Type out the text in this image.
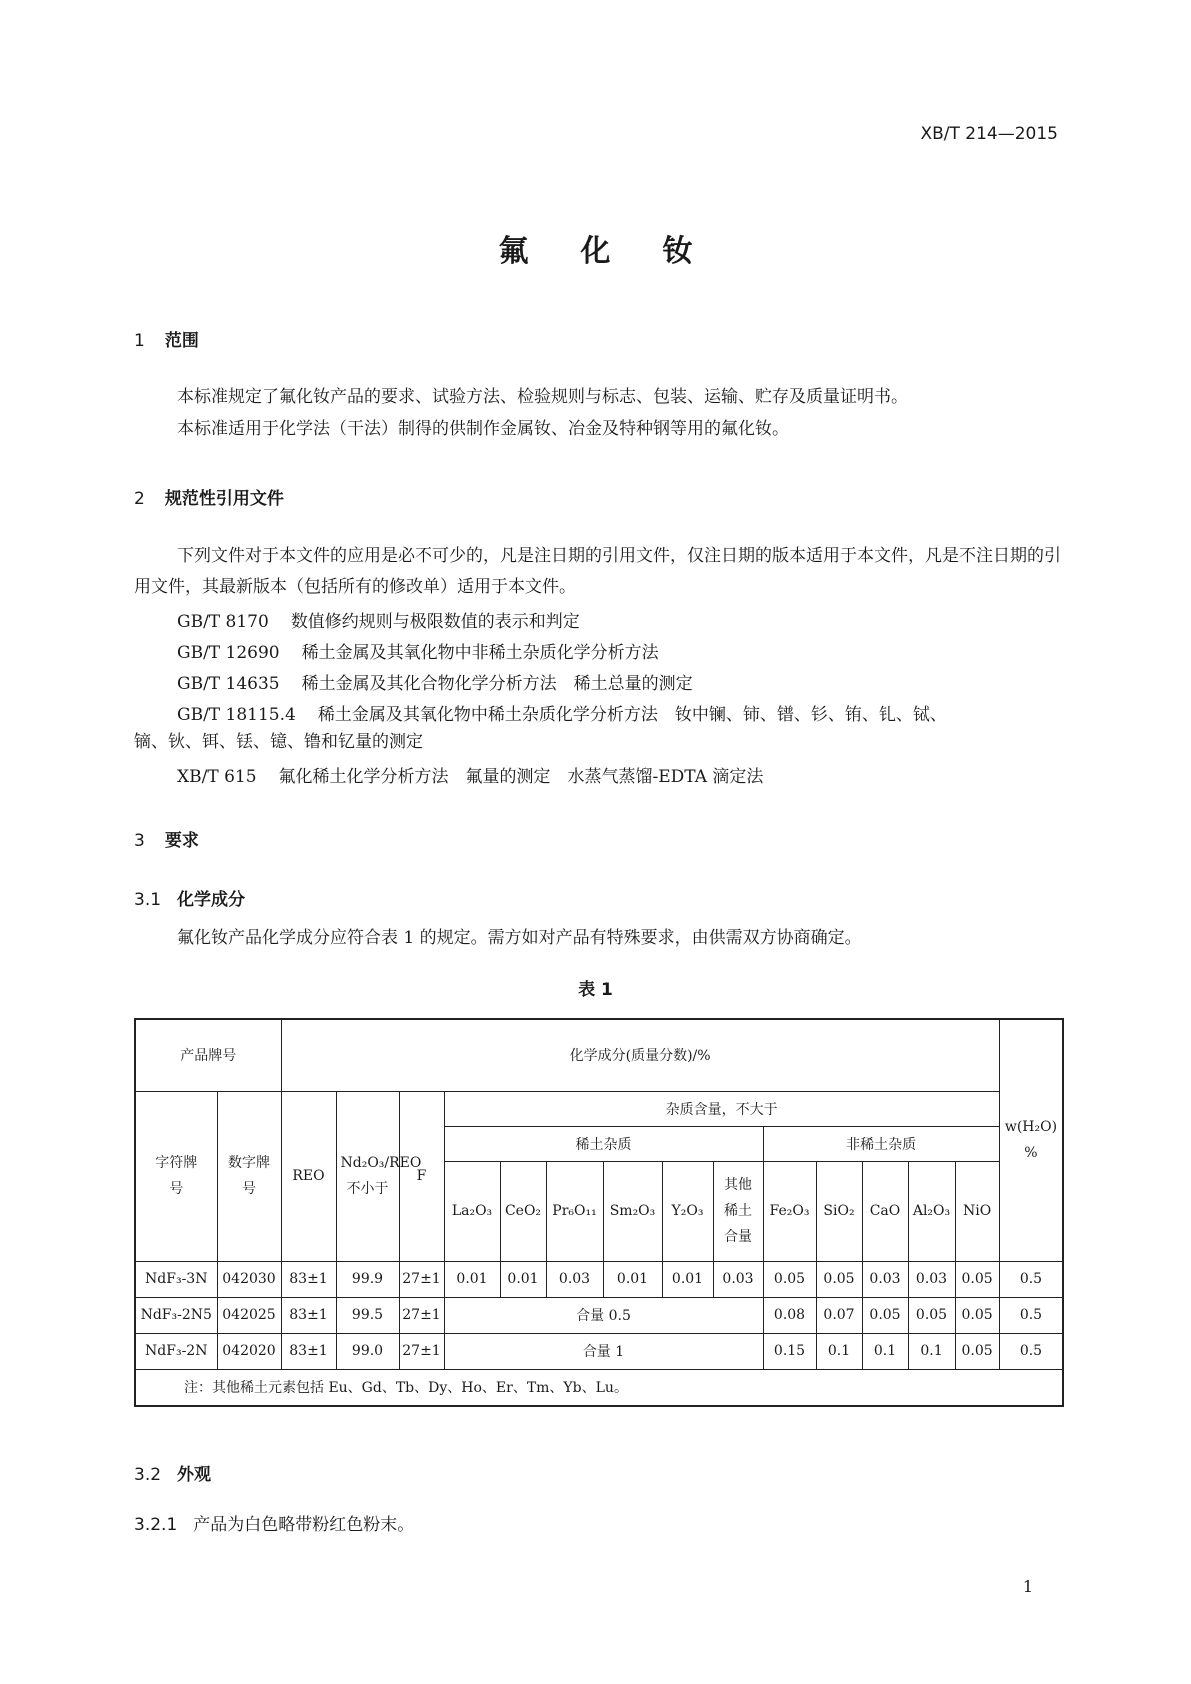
XB/T 214—2015
氟化钕
1 范围
本标准规定了氟化钕产品的要求、试验方法、检验规则与标志、包装、运输、贮存及质量证明书。
本标准适用于化学法（干法）制得的供制作金属钕、冶金及特种钢等用的氟化钕。
2 规范性引用文件
下列文件对于本文件的应用是必不可少的，凡是注日期的引用文件，仅注日期的版本适用于本文件，凡是不注日期的引用文件，其最新版本（包括所有的修改单）适用于本文件。
GB/T 8170 数值修约规则与极限数值的表示和判定
GB/T 12690 稀土金属及其氧化物中非稀土杂质化学分析方法
GB/T 14635 稀土金属及其化合物化学分析方法　稀土总量的测定
GB/T 18115.4 稀土金属及其氧化物中稀土杂质化学分析方法　钕中镧、铈、镨、钐、铕、钆、铽、
镝、钬、铒、铥、镱、镥和钇量的测定
XB/T 615 氟化稀土化学分析方法　氟量的测定　水蒸气蒸馏-EDTA 滴定法
3 要求
3.1 化学成分
氟化钕产品化学成分应符合表 1 的规定。需方如对产品有特殊要求，由供需双方协商确定。
表 1
产品牌号		化学成分(质量分数)/%														w(H₂O)
%

字符牌号	数字牌号	REO	Nd₂O₃/REO不小于	F	杂质含量，不大于											
					稀土杂质						非稀土杂质					
					La₂O₃	CeO₂	Pr₆O₁₁	Sm₂O₃	Y₂O₃	其他稀土合量	Fe₂O₃	SiO₂	CaO	Al₂O₃	NiO	
NdF₃-3N	042030	83±1	99.9	27±1	0.01	0.01	0.03	0.01	0.01	0.03	0.05	0.05	0.03	0.03	0.05	0.5
NdF₃-2N5	042025	83±1	99.5	27±1	合量 0.5						0.08	0.07	0.05	0.05	0.05	0.5
NdF₃-2N	042020	83±1	99.0	27±1	合量 1						0.15	0.1	0.1	0.1	0.05	0.5
注：其他稀土元素包括 Eu、Gd、Tb、Dy、Ho、Er、Tm、Yb、Lu。																
3.2 外观
3.2.1 产品为白色略带粉红色粉末。
1
